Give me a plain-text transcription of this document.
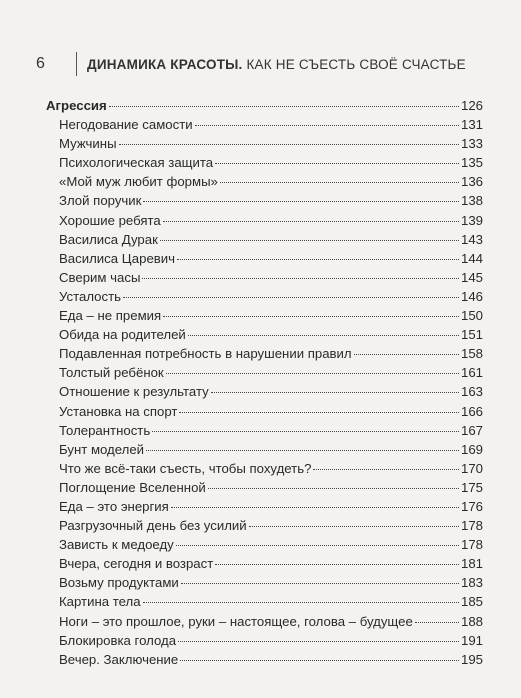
6	ДИНАМИКА КРАСОТЫ. КАК НЕ СЪЕСТЬ СВОЁ СЧАСТЬЕ
Агрессия	126
Негодование самости	131
Мужчины	133
Психологическая защита	135
«Мой муж любит формы»	136
Злой поручик	138
Хорошие ребята	139
Василиса Дурак	143
Василиса Царевич	144
Сверим часы	145
Усталость	146
Еда – не премия	150
Обида на родителей	151
Подавленная потребность в нарушении правил	158
Толстый ребёнок	161
Отношение к результату	163
Установка на спорт	166
Толерантность	167
Бунт моделей	169
Что же всё-таки съесть, чтобы похудеть?	170
Поглощение Вселенной	175
Еда – это энергия	176
Разгрузочный день без усилий	178
Зависть к медоеду	178
Вчера, сегодня и возраст	181
Возьму продуктами	183
Картина тела	185
Ноги – это прошлое, руки – настоящее, голова – будущее	188
Блокировка голода	191
Вечер. Заключение	195
